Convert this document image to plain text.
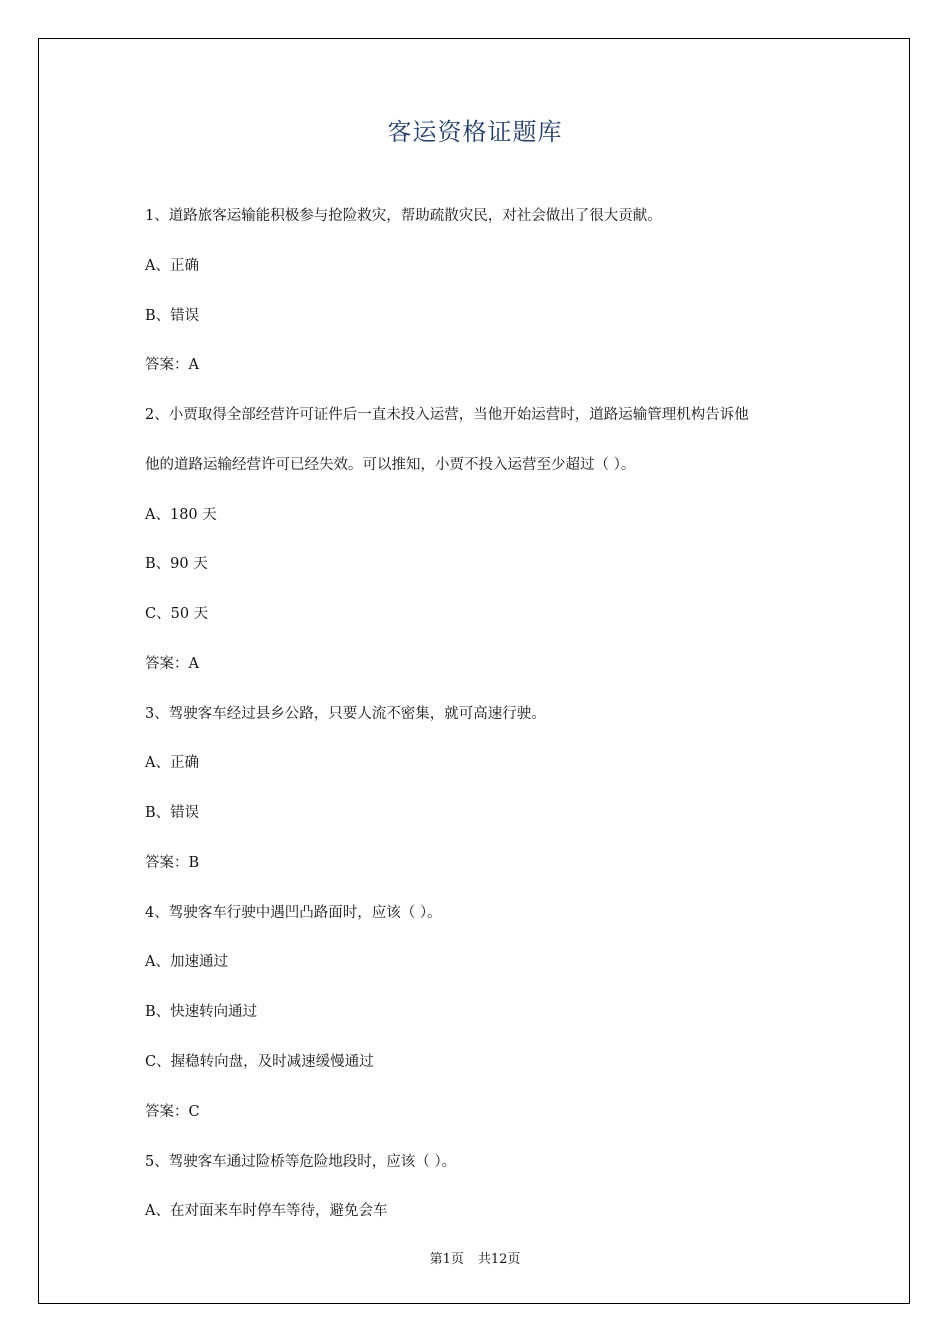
客运资格证题库
1、道路旅客运输能积极参与抢险救灾，帮助疏散灾民，对社会做出了很大贡献。
A、正确
B、错误
答案：A
2、小贾取得全部经营许可证件后一直未投入运营，当他开始运营时，道路运输管理机构告诉他
他的道路运输经营许可已经失效。可以推知，小贾不投入运营至少超过（ ）。
A、180 天
B、90 天
C、50 天
答案：A
3、驾驶客车经过县乡公路，只要人流不密集，就可高速行驶。
A、正确
B、错误
答案：B
4、驾驶客车行驶中遇凹凸路面时，应该（ ）。
A、加速通过
B、快速转向通过
C、握稳转向盘，及时减速缓慢通过
答案：C
5、驾驶客车通过险桥等危险地段时，应该（ ）。
A、在对面来车时停车等待，避免会车
第1页 共12页
